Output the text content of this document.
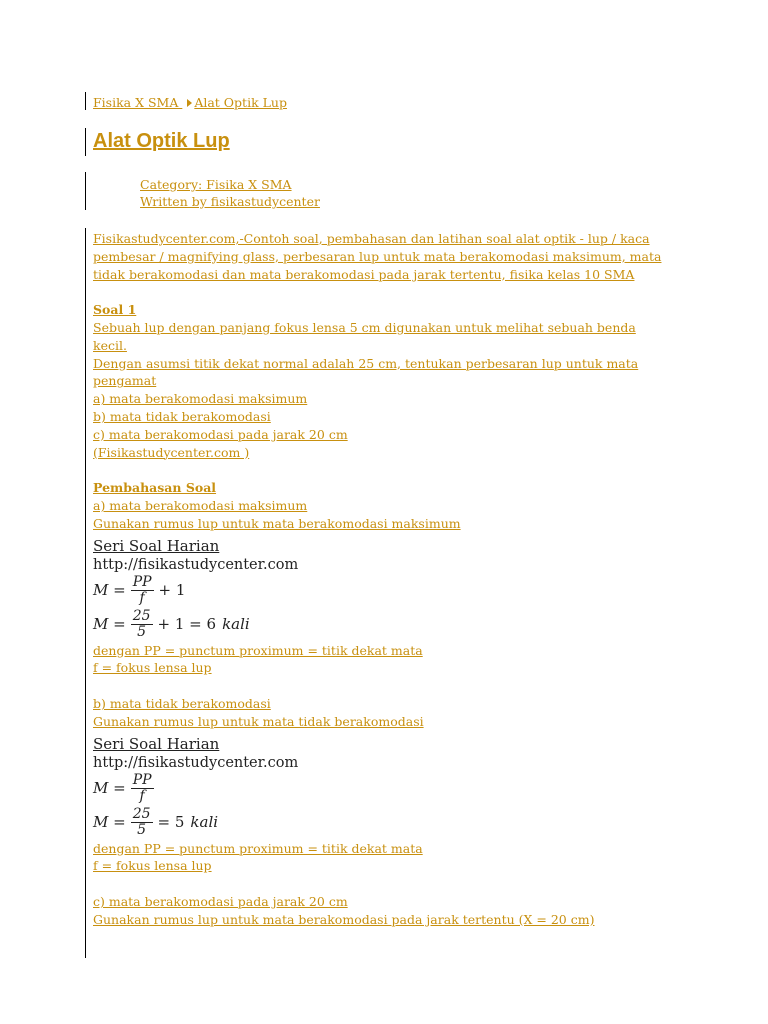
Fisika X SMA Alat Optik Lup
Alat Optik Lup
Category: Fisika X SMA
Written by fisikastudycenter

Fisikastudycenter.com,-Contoh soal, pembahasan dan latihan soal alat optik - lup / kaca

pembesar / magnifying glass, perbesaran lup untuk mata berakomodasi maksimum, mata

tidak berakomodasi dan mata berakomodasi pada jarak tertentu, fisika kelas 10 SMA

Soal 1

Sebuah lup dengan panjang fokus lensa 5 cm digunakan untuk melihat sebuah benda kecil.

Dengan asumsi titik dekat normal adalah 25 cm, tentukan perbesaran lup untuk mata

pengamat

a) mata berakomodasi maksimum

b) mata tidak berakomodasi

c) mata berakomodasi pada jarak 20 cm

(Fisikastudycenter.com )

Pembahasan Soal

a) mata berakomodasi maksimum

Gunakan rumus lup untuk mata berakomodasi maksimum

Seri Soal Harian
http://fisikastudycenter.com
$M = \frac{PP}{f} + 1$
$M = \frac{25}{5} + 1 = 6$ kali

dengan PP = punctum proximum = titik dekat mata

f = fokus lensa lup

b) mata tidak berakomodasi

Gunakan rumus lup untuk mata tidak berakomodasi

Seri Soal Harian
http://fisikastudycenter.com
$M = \frac{PP}{f}$
$M = \frac{25}{5} = 5$ kali

dengan PP = punctum proximum = titik dekat mata

f = fokus lensa lup

c) mata berakomodasi pada jarak 20 cm

Gunakan rumus lup untuk mata berakomodasi pada jarak tertentu (X = 20 cm)
